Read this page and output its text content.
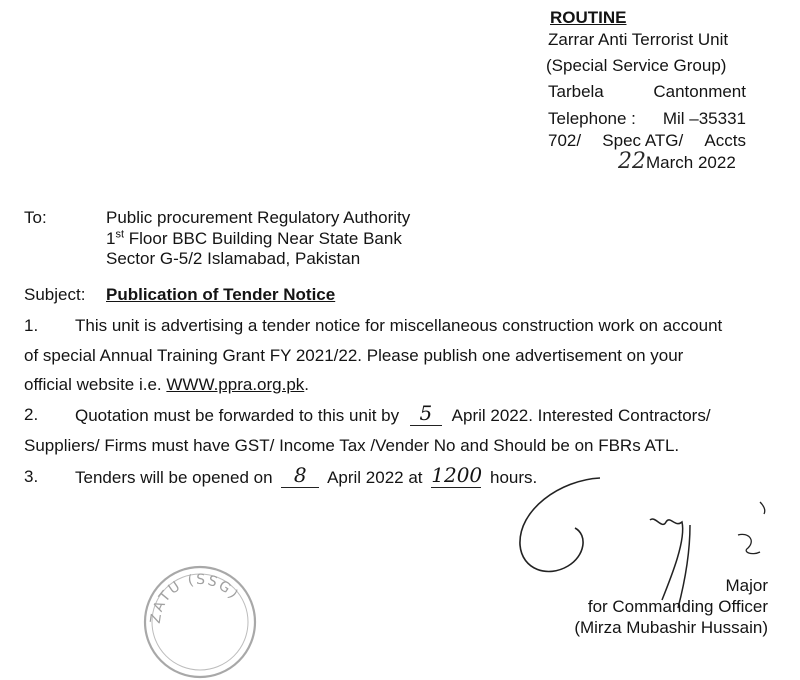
ROUTINE
Zarrar Anti Terrorist Unit
(Special Service Group)
Tarbela	Cantonment
Telephone : Mil –35331
702/ Spec ATG/ Accts
22March 2022
To:	Public procurement Regulatory Authority
1st Floor BBC Building Near State Bank
Sector G-5/2 Islamabad, Pakistan
Subject: Publication of Tender Notice
1. This unit is advertising a tender notice for miscellaneous construction work on account
of special Annual Training Grant FY 2021/22. Please publish one advertisement on your
official website i.e. WWW.ppra.org.pk.
2. Quotation must be forwarded to this unit by 5 April 2022. Interested Contractors/
Suppliers/ Firms must have GST/ Income Tax /Vender No and Should be on FBRs ATL.
3. Tenders will be opened on 8 April 2022 at 1200 hours.
Major
for Commanding Officer
(Mirza Mubashir Hussain)
ZATU (SSG)
